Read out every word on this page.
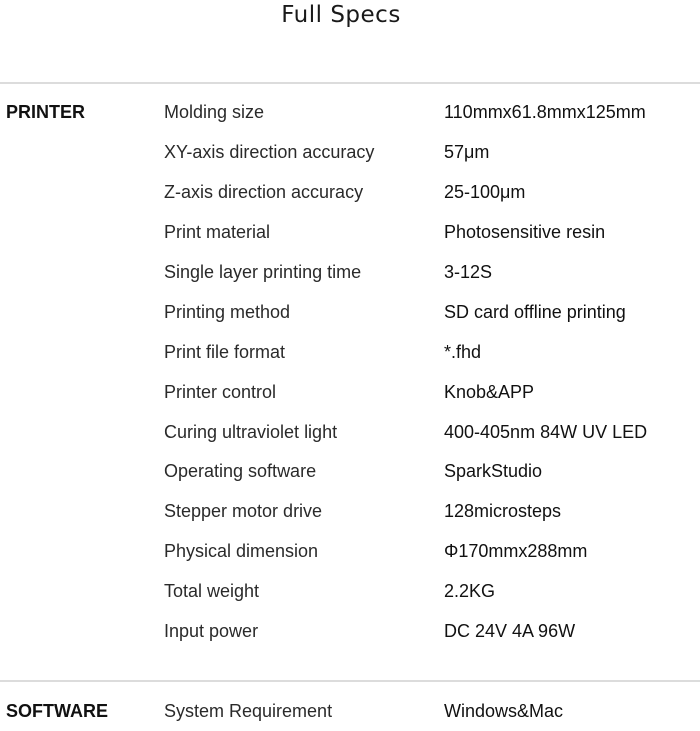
Full Specs
PRINTER	Molding size	110mmx61.8mmx125mm
XY-axis direction accuracy	57μm
Z-axis direction accuracy	25-100μm
Print material	Photosensitive resin
Single layer printing time	3-12S
Printing method	SD card offline printing
Print file format	*.fhd
Printer control	Knob&APP
Curing ultraviolet light	400-405nm 84W UV LED
Operating software	SparkStudio
Stepper motor drive	128microsteps
Physical dimension	Φ170mmx288mm
Total weight	2.2KG
Input power	DC 24V 4A 96W
SOFTWARE	System Requirement	Windows&Mac
